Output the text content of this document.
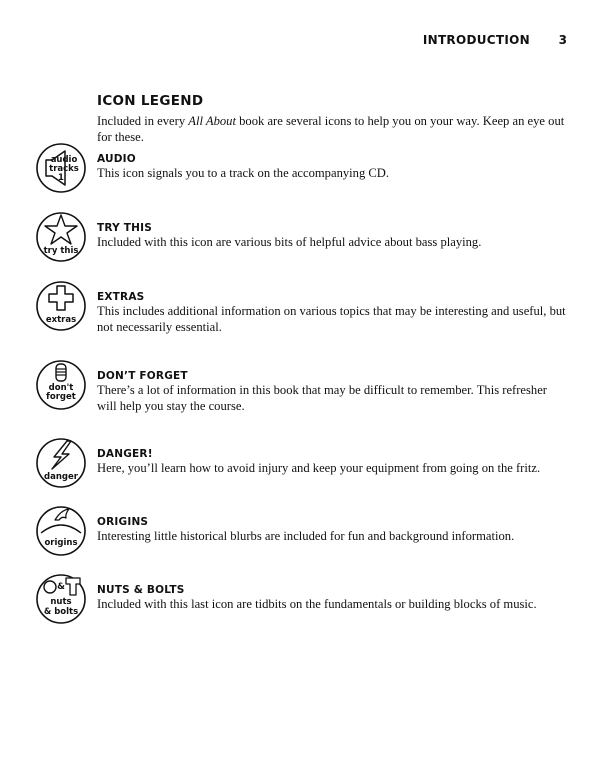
INTRODUCTION 3
ICON LEGEND

Included in every All About book are several icons to help you on your way. Keep an eye out for these.

audio
tracks
1
AUDIO

This icon signals you to a track on the accompanying CD.

try this
TRY THIS

Included with this icon are various bits of helpful advice about bass playing.

extras
EXTRAS

This includes additional information on various topics that may be interesting and useful, but not necessarily essential.

don't
forget
DON’T FORGET

There’s a lot of information in this book that may be difficult to remember. This refresher will help you stay the course.

danger
DANGER!

Here, you’ll learn how to avoid injury and keep your equipment from going on the fritz.

origins
ORIGINS

Interesting little historical blurbs are included for fun and background information.

&
nuts
& bolts
NUTS & BOLTS

Included with this last icon are tidbits on the fundamentals or building blocks of music.
